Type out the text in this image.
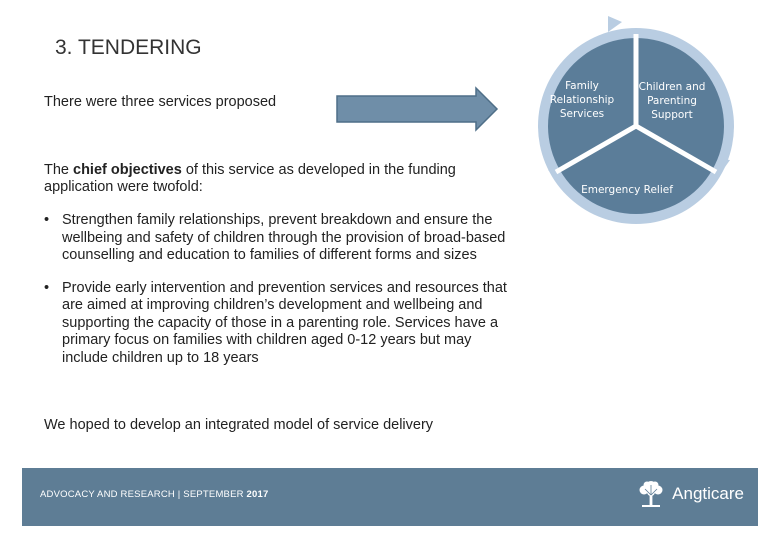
3. TENDERING
There were three services proposed
The chief objectives of this service as developed in the funding application were twofold:
• Strengthen family relationships, prevent breakdown and ensure the wellbeing and safety of children through the provision of broad-based counselling and education to families of different forms and sizes
• Provide early intervention and prevention services and resources that are aimed at improving children’s development and wellbeing and supporting the capacity of those in a parenting role. Services have a primary focus on families with children aged 0-12 years but may include children up to 18 years
We hoped to develop an integrated model of service delivery
Family Relationship Services
Children and Parenting Support
Emergency Relief
ADVOCACY AND RESEARCH | SEPTEMBER 2017	Angticare
